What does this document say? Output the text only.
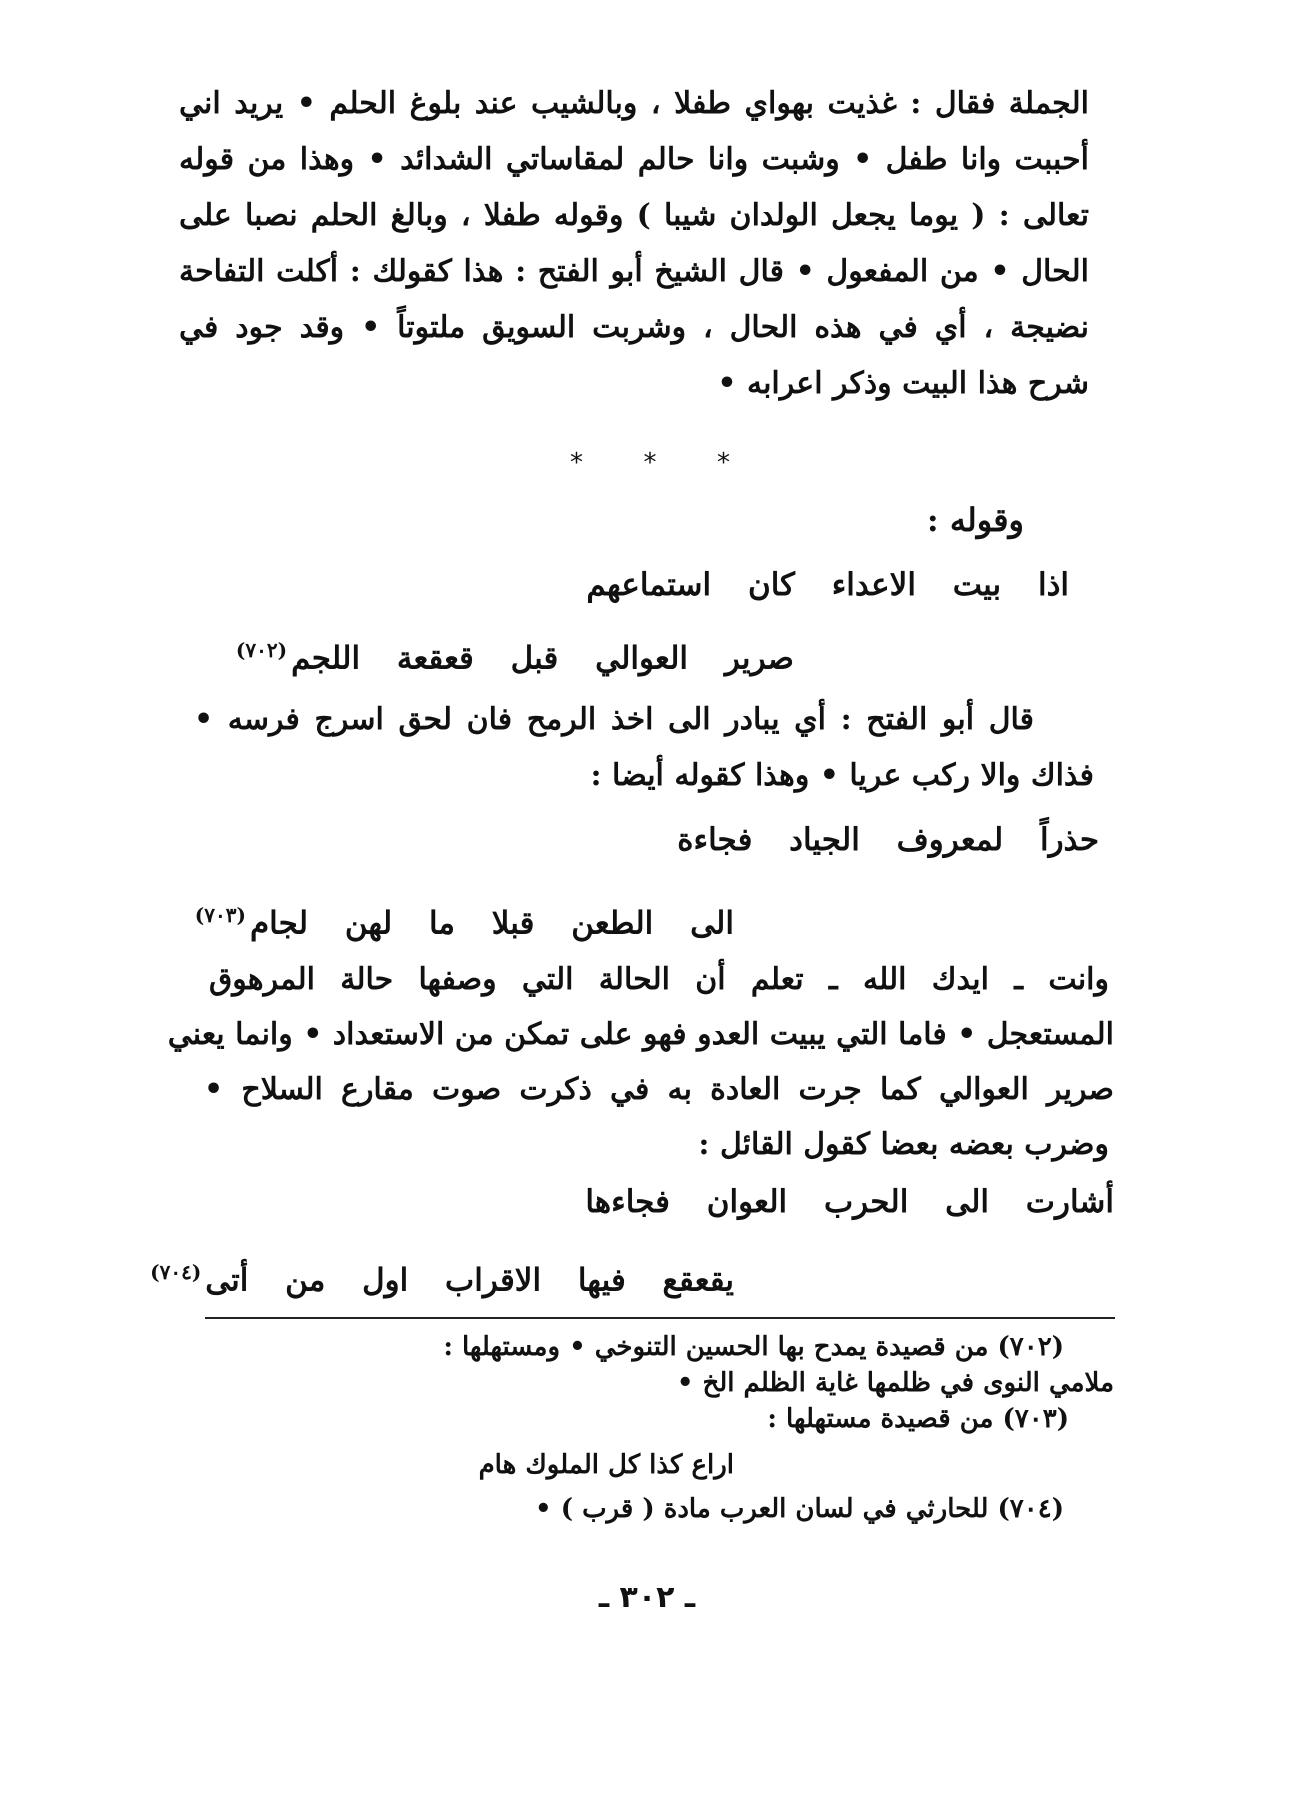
الجملة فقال : غذيت بهواي طفلا ، وبالشيب عند بلوغ الحلم • يريد اني
أحببت وانا طفل • وشبت وانا حالم لمقاساتي الشدائد • وهذا من قوله
تعالى : ( يوما يجعل الولدان شيبا ) وقوله طفلا ، وبالغ الحلم نصبا على
الحال • من المفعول • قال الشيخ أبو الفتح : هذا كقولك : أكلت التفاحة
نضيجة ، أي في هذه الحال ، وشربت السويق ملتوتاً • وقد جود في
شرح هذا البيت وذكر اعرابه •
* * *
وقوله :
اذا بيت الاعداء كان استماعهم
صرير العوالي قبل قعقعة اللجم$^{(٧٠٢)}$
قال أبو الفتح : أي يبادر الى اخذ الرمح فان لحق اسرج فرسه •
فذاك والا ركب عريا • وهذا كقوله أيضا :
حذراً لمعروف الجياد فجاءة
الى الطعن قبلا ما لهن لجام$^{(٧٠٣)}$
وانت ـ ايدك الله ـ تعلم أن الحالة التي وصفها حالة المرهوق
المستعجل • فاما التي يبيت العدو فهو على تمكن من الاستعداد • وانما يعني
صرير العوالي كما جرت العادة به في ذكرت صوت مقارع السلاح •
وضرب بعضه بعضا كقول القائل :
أشارت الى الحرب العوان فجاءها
يقعقع فيها الاقراب اول من أتى$^{(٧٠٤)}$
(٧٠٢) من قصيدة يمدح بها الحسين التنوخي • ومستهلها :
ملامي النوى في ظلمها غاية الظلم الخ •
(٧٠٣) من قصيدة مستهلها :
اراع كذا كل الملوك هام
(٧٠٤) للحارثي في لسان العرب مادة ( قرب ) •
ـ ٣٠٢ ـ
